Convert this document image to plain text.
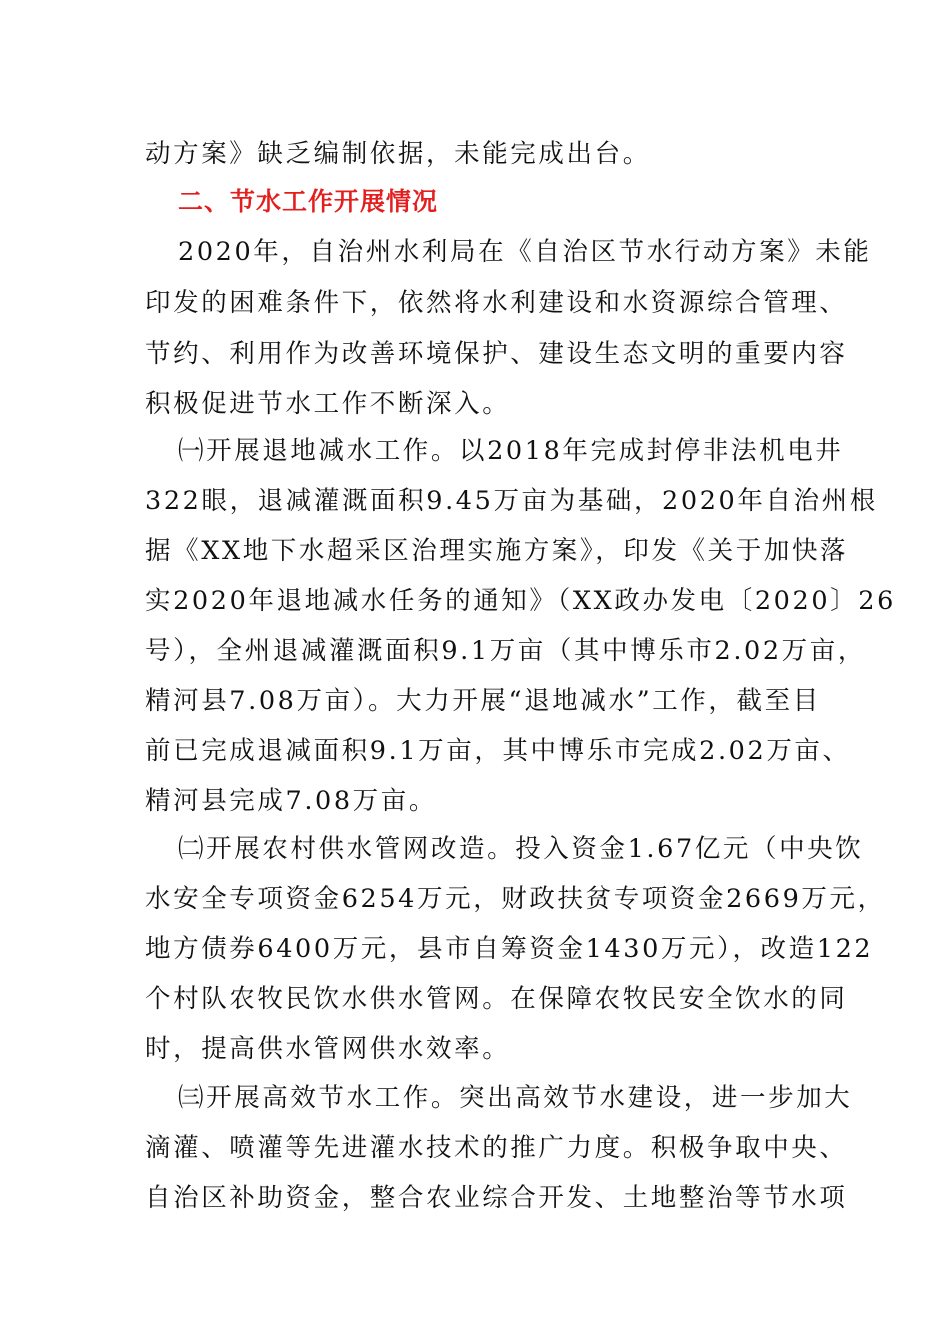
动方案》缺乏编制依据，未能完成出台。
二、节水工作开展情况
2020年，自治州水利局在《自治区节水行动方案》未能
印发的困难条件下，依然将水利建设和水资源综合管理、
节约、利用作为改善环境保护、建设生态文明的重要内容
积极促进节水工作不断深入。
㈠开展退地减水工作。以2018年完成封停非法机电井
322眼，退减灌溉面积9.45万亩为基础，2020年自治州根
据《XX地下水超采区治理实施方案》，印发《关于加快落
实2020年退地减水任务的通知》（XX政办发电〔2020〕26
号），全州退减灌溉面积9.1万亩（其中博乐市2.02万亩，
精河县7.08万亩）。大力开展“退地减水”工作，截至目
前已完成退减面积9.1万亩，其中博乐市完成2.02万亩、
精河县完成7.08万亩。
㈡开展农村供水管网改造。投入资金1.67亿元（中央饮
水安全专项资金6254万元，财政扶贫专项资金2669万元，
地方债券6400万元，县市自筹资金1430万元），改造122
个村队农牧民饮水供水管网。在保障农牧民安全饮水的同
时，提高供水管网供水效率。
㈢开展高效节水工作。突出高效节水建设，进一步加大
滴灌、喷灌等先进灌水技术的推广力度。积极争取中央、
自治区补助资金，整合农业综合开发、土地整治等节水项
